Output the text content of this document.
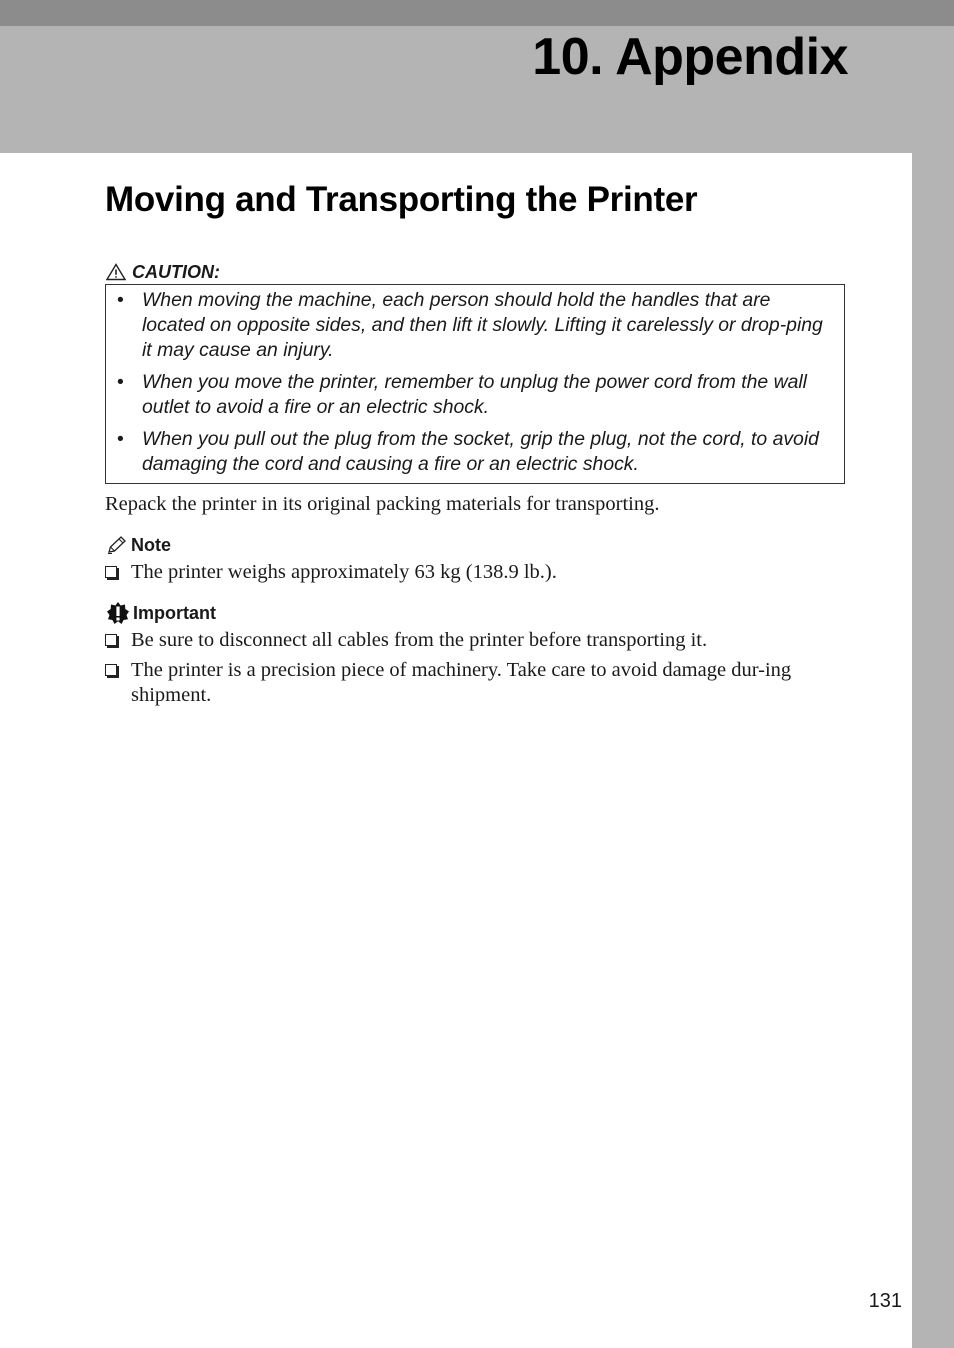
10. Appendix
Moving and Transporting the Printer
CAUTION:
• When moving the machine, each person should hold the handles that are located on opposite sides, and then lift it slowly. Lifting it carelessly or drop-ping it may cause an injury.
• When you move the printer, remember to unplug the power cord from the wall outlet to avoid a fire or an electric shock.
• When you pull out the plug from the socket, grip the plug, not the cord, to avoid damaging the cord and causing a fire or an electric shock.

Repack the printer in its original packing materials for transporting.

Note
The printer weighs approximately 63 kg (138.9 lb.).
Important
Be sure to disconnect all cables from the printer before transporting it.
The printer is a precision piece of machinery. Take care to avoid damage dur-ing shipment.
131
